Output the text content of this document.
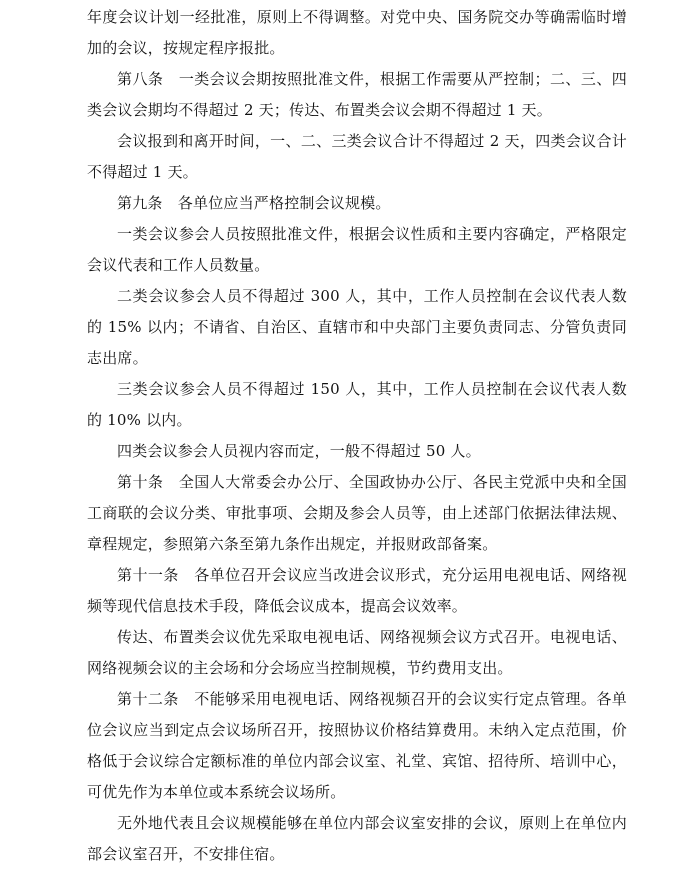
年度会议计划一经批准，原则上不得调整。对党中央、国务院交办等确需临时增加的会议，按规定程序报批。

第八条　一类会议会期按照批准文件，根据工作需要从严控制；二、三、四类会议会期均不得超过 2 天；传达、布置类会议会期不得超过 1 天。

会议报到和离开时间，一、二、三类会议合计不得超过 2 天，四类会议合计不得超过 1 天。

第九条　各单位应当严格控制会议规模。

一类会议参会人员按照批准文件，根据会议性质和主要内容确定，严格限定会议代表和工作人员数量。

二类会议参会人员不得超过 300 人，其中，工作人员控制在会议代表人数的 15% 以内；不请省、自治区、直辖市和中央部门主要负责同志、分管负责同志出席。

三类会议参会人员不得超过 150 人，其中，工作人员控制在会议代表人数的 10% 以内。

四类会议参会人员视内容而定，一般不得超过 50 人。

第十条　全国人大常委会办公厅、全国政协办公厅、各民主党派中央和全国工商联的会议分类、审批事项、会期及参会人员等，由上述部门依据法律法规、章程规定，参照第六条至第九条作出规定，并报财政部备案。

第十一条　各单位召开会议应当改进会议形式，充分运用电视电话、网络视频等现代信息技术手段，降低会议成本，提高会议效率。

传达、布置类会议优先采取电视电话、网络视频会议方式召开。电视电话、网络视频会议的主会场和分会场应当控制规模，节约费用支出。

第十二条　不能够采用电视电话、网络视频召开的会议实行定点管理。各单位会议应当到定点会议场所召开，按照协议价格结算费用。未纳入定点范围，价格低于会议综合定额标准的单位内部会议室、礼堂、宾馆、招待所、培训中心，可优先作为本单位或本系统会议场所。

无外地代表且会议规模能够在单位内部会议室安排的会议，原则上在单位内部会议室召开，不安排住宿。
